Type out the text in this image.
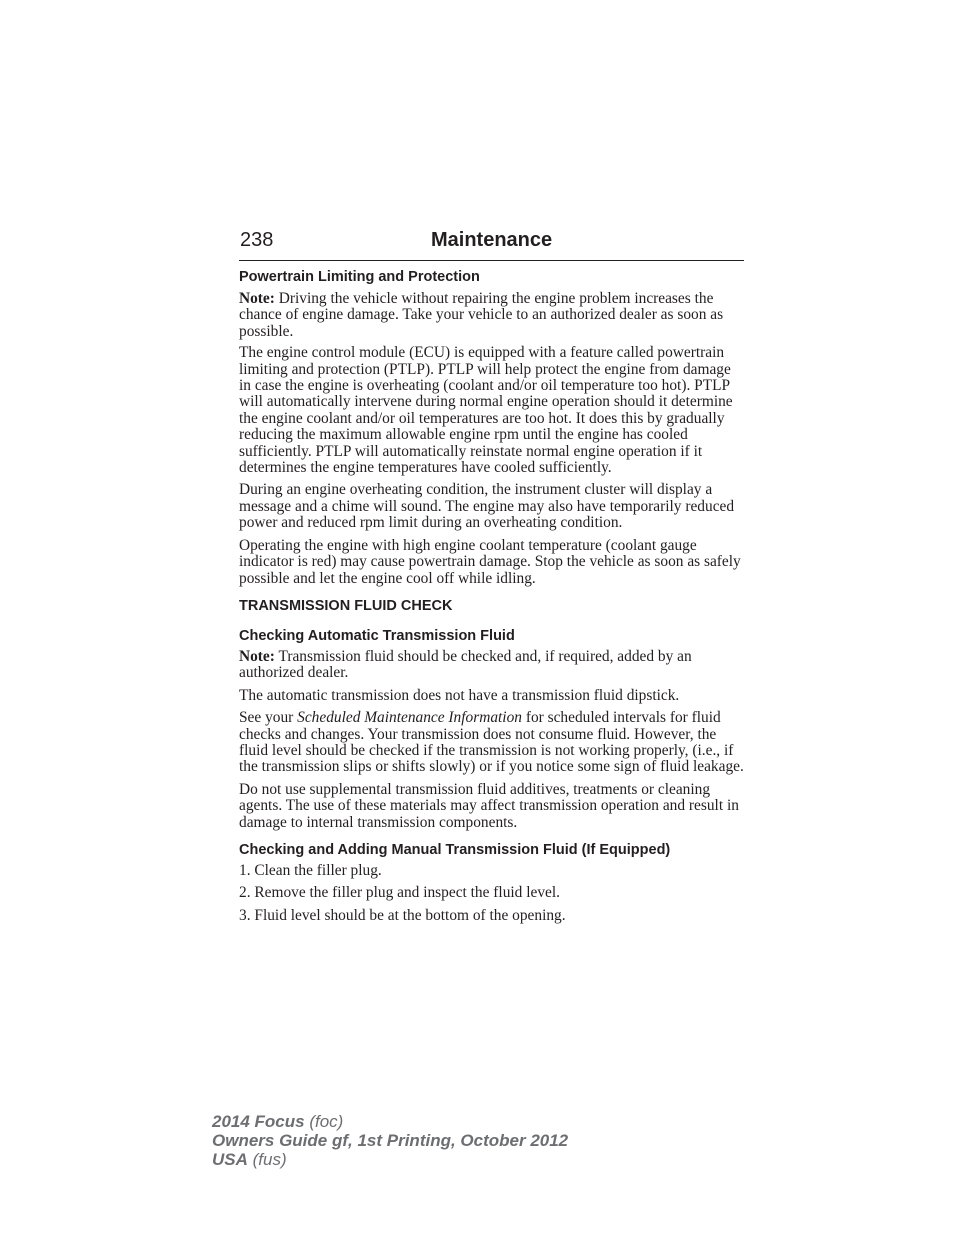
238	Maintenance
Powertrain Limiting and Protection

Note: Driving the vehicle without repairing the engine problem increases the chance of engine damage. Take your vehicle to an authorized dealer as soon as possible.

The engine control module (ECU) is equipped with a feature called powertrain limiting and protection (PTLP). PTLP will help protect the engine from damage in case the engine is overheating (coolant and/or oil temperature too hot). PTLP will automatically intervene during normal engine operation should it determine the engine coolant and/or oil temperatures are too hot. It does this by gradually reducing the maximum allowable engine rpm until the engine has cooled sufficiently. PTLP will automatically reinstate normal engine operation if it determines the engine temperatures have cooled sufficiently.

During an engine overheating condition, the instrument cluster will display a message and a chime will sound. The engine may also have temporarily reduced power and reduced rpm limit during an overheating condition.

Operating the engine with high engine coolant temperature (coolant gauge indicator is red) may cause powertrain damage. Stop the vehicle as soon as safely possible and let the engine cool off while idling.

TRANSMISSION FLUID CHECK
Checking Automatic Transmission Fluid

Note: Transmission fluid should be checked and, if required, added by an authorized dealer.

The automatic transmission does not have a transmission fluid dipstick.

See your Scheduled Maintenance Information for scheduled intervals for fluid checks and changes. Your transmission does not consume fluid. However, the fluid level should be checked if the transmission is not working properly, (i.e., if the transmission slips or shifts slowly) or if you notice some sign of fluid leakage.

Do not use supplemental transmission fluid additives, treatments or cleaning agents. The use of these materials may affect transmission operation and result in damage to internal transmission components.

Checking and Adding Manual Transmission Fluid (If Equipped)

1. Clean the filler plug.

2. Remove the filler plug and inspect the fluid level.

3. Fluid level should be at the bottom of the opening.

2014 Focus (foc)
Owners Guide gf, 1st Printing, October 2012
USA (fus)
